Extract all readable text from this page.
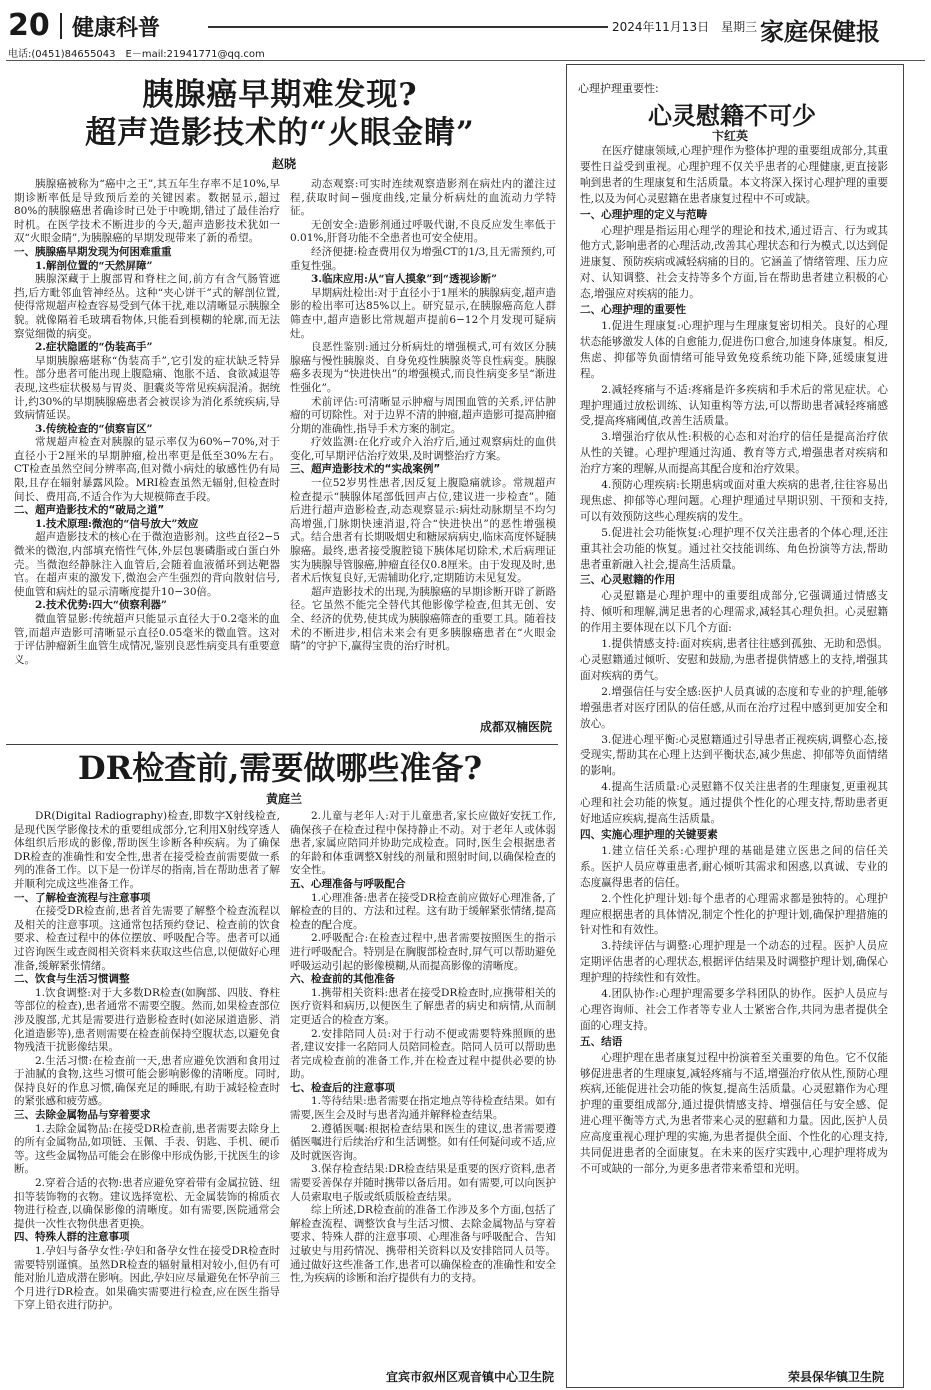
20 健康科普	2024年11月13日　星期三 家庭保健报
电话:(0451)84655043　E－mail:21941771@qq.com
胰腺癌早期难发现?
超声造影技术的“火眼金睛”
赵晓

胰腺癌被称为“癌中之王”,其五年生存率不足10%,早期诊断率低是导致预后差的关键因素。数据显示,超过80%的胰腺癌患者确诊时已处于中晚期,错过了最佳治疗时机。在医学技术不断进步的今天,超声造影技术犹如一双“火眼金睛”,为胰腺癌的早期发现带来了新的希望。

一、胰腺癌早期发现为何困难重重

1.解剖位置的“天然屏障”

胰腺深藏于上腹部胃和脊柱之间,前方有含气肠管遮挡,后方毗邻血管神经丛。这种“夹心饼干”式的解剖位置,使得常规超声检查容易受到气体干扰,难以清晰显示胰腺全貌。就像隔着毛玻璃看物体,只能看到模糊的轮廓,而无法察觉细微的病变。

2.症状隐匿的“伪装高手”

早期胰腺癌堪称“伪装高手”,它引发的症状缺乏特异性。部分患者可能出现上腹隐痛、饱胀不适、食欲减退等表现,这些症状极易与胃炎、胆囊炎等常见疾病混淆。据统计,约30%的早期胰腺癌患者会被误诊为消化系统疾病,导致病情延误。

3.传统检查的“侦察盲区”

常规超声检查对胰腺的显示率仅为60%−70%,对于直径小于2厘米的早期肿瘤,检出率更是低至30%左右。CT检查虽然空间分辨率高,但对微小病灶的敏感性仍有局限,且存在辐射暴露风险。MRI检查虽然无辐射,但检查时间长、费用高,不适合作为大规模筛查手段。

二、超声造影技术的“破局之道”

1.技术原理:微泡的“信号放大”效应

超声造影技术的核心在于微泡造影剂。这些直径2−5微米的微泡,内部填充惰性气体,外层包裹磷脂或白蛋白外壳。当微泡经静脉注入血管后,会随着血液循环到达靶器官。在超声束的激发下,微泡会产生强烈的背向散射信号,使血管和病灶的显示清晰度提升10−30倍。

2.技术优势:四大“侦察利器”

微血管显影:传统超声只能显示直径大于0.2毫米的血管,而超声造影可清晰显示直径0.05毫米的微血管。这对于评估肿瘤新生血管生成情况,鉴别良恶性病变具有重要意义。

动态观察:可实时连续观察造影剂在病灶内的灌注过程,获取时间−强度曲线,定量分析病灶的血流动力学特征。

无创安全:造影剂通过呼吸代谢,不良反应发生率低于0.01%,肝肾功能不全患者也可安全使用。

经济便捷:检查费用仅为增强CT的1/3,且无需预约,可重复性强。

3.临床应用:从“盲人摸象”到“透视诊断”

早期病灶检出:对于直径小于1厘米的胰腺病变,超声造影的检出率可达85%以上。研究显示,在胰腺癌高危人群筛查中,超声造影比常规超声提前6−12个月发现可疑病灶。

良恶性鉴别:通过分析病灶的增强模式,可有效区分胰腺癌与慢性胰腺炎、自身免疫性胰腺炎等良性病变。胰腺癌多表现为“快进快出”的增强模式,而良性病变多呈“渐进性强化”。

术前评估:可清晰显示肿瘤与周围血管的关系,评估肿瘤的可切除性。对于边界不清的肿瘤,超声造影可提高肿瘤分期的准确性,指导手术方案的制定。

疗效监测:在化疗或介入治疗后,通过观察病灶的血供变化,可早期评估治疗效果,及时调整治疗方案。

三、超声造影技术的“实战案例”

一位52岁男性患者,因反复上腹隐痛就诊。常规超声检查提示“胰腺体尾部低回声占位,建议进一步检查”。随后进行超声造影检查,动态观察显示:病灶动脉期呈不均匀高增强,门脉期快速消退,符合“快进快出”的恶性增强模式。结合患者有长期吸烟史和糖尿病病史,临床高度怀疑胰腺癌。最终,患者接受腹腔镜下胰体尾切除术,术后病理证实为胰腺导管腺癌,肿瘤直径仅0.8厘米。由于发现及时,患者术后恢复良好,无需辅助化疗,定期随访未见复发。

超声造影技术的出现,为胰腺癌的早期诊断开辟了新路径。它虽然不能完全替代其他影像学检查,但其无创、安全、经济的优势,使其成为胰腺癌筛查的重要工具。随着技术的不断进步,相信未来会有更多胰腺癌患者在“火眼金睛”的守护下,赢得宝贵的治疗时机。

成都双楠医院
DR检查前,需要做哪些准备?
黄庭兰

DR(Digital Radiography)检查,即数字X射线检查,是现代医学影像技术的重要组成部分,它利用X射线穿透人体组织后形成的影像,帮助医生诊断各种疾病。为了确保DR检查的准确性和安全性,患者在接受检查前需要做一系列的准备工作。以下是一份详尽的指南,旨在帮助患者了解并顺利完成这些准备工作。

一、了解检查流程与注意事项

在接受DR检查前,患者首先需要了解整个检查流程以及相关的注意事项。这通常包括预约登记、检查前的饮食要求、检查过程中的体位摆放、呼吸配合等。患者可以通过咨询医生或查阅相关资料来获取这些信息,以便做好心理准备,缓解紧张情绪。

二、饮食与生活习惯调整

1.饮食调整:对于大多数DR检查(如胸部、四肢、脊柱等部位的检查),患者通常不需要空腹。然而,如果检查部位涉及腹部,尤其是需要进行造影检查时(如泌尿道造影、消化道造影等),患者则需要在检查前保持空腹状态,以避免食物残渣干扰影像结果。

2.生活习惯:在检查前一天,患者应避免饮酒和食用过于油腻的食物,这些习惯可能会影响影像的清晰度。同时,保持良好的作息习惯,确保充足的睡眠,有助于减轻检查时的紧张感和疲劳感。

三、去除金属物品与穿着要求

1.去除金属物品:在接受DR检查前,患者需要去除身上的所有金属物品,如项链、玉佩、手表、钥匙、手机、硬币等。这些金属物品可能会在影像中形成伪影,干扰医生的诊断。

2.穿着合适的衣物:患者应避免穿着带有金属拉链、纽扣等装饰物的衣物。建议选择宽松、无金属装饰的棉质衣物进行检查,以确保影像的清晰度。如有需要,医院通常会提供一次性衣物供患者更换。

四、特殊人群的注意事项

1.孕妇与备孕女性:孕妇和备孕女性在接受DR检查时需要特别谨慎。虽然DR检查的辐射量相对较小,但仍有可能对胎儿造成潜在影响。因此,孕妇应尽量避免在怀孕前三个月进行DR检查。如果确实需要进行检查,应在医生指导下穿上铅衣进行防护。

2.儿童与老年人:对于儿童患者,家长应做好安抚工作,确保孩子在检查过程中保持静止不动。对于老年人或体弱患者,家属应陪同并协助完成检查。同时,医生会根据患者的年龄和体重调整X射线的剂量和照射时间,以确保检查的安全性。

五、心理准备与呼吸配合

1.心理准备:患者在接受DR检查前应做好心理准备,了解检查的目的、方法和过程。这有助于缓解紧张情绪,提高检查的配合度。

2.呼吸配合:在检查过程中,患者需要按照医生的指示进行呼吸配合。特别是在胸腹部检查时,屏气可以帮助避免呼吸运动引起的影像模糊,从而提高影像的清晰度。

六、检查前的其他准备

1.携带相关资料:患者在接受DR检查时,应携带相关的医疗资料和病历,以便医生了解患者的病史和病情,从而制定更适合的检查方案。

2.安排陪同人员:对于行动不便或需要特殊照顾的患者,建议安排一名陪同人员陪同检查。陪同人员可以帮助患者完成检查前的准备工作,并在检查过程中提供必要的协助。

七、检查后的注意事项

1.等待结果:患者需要在指定地点等待检查结果。如有需要,医生会及时与患者沟通并解释检查结果。

2.遵循医嘱:根据检查结果和医生的建议,患者需要遵循医嘱进行后续治疗和生活调整。如有任何疑问或不适,应及时就医咨询。

3.保存检查结果:DR检查结果是重要的医疗资料,患者需要妥善保存并随时携带以备后用。如有需要,可以向医护人员索取电子版或纸质版检查结果。

综上所述,DR检查前的准备工作涉及多个方面,包括了解检查流程、调整饮食与生活习惯、去除金属物品与穿着要求、特殊人群的注意事项、心理准备与呼吸配合、告知过敏史与用药情况、携带相关资料以及安排陪同人员等。通过做好这些准备工作,患者可以确保检查的准确性和安全性,为疾病的诊断和治疗提供有力的支持。

宜宾市叙州区观音镇中心卫生院
心理护理重要性:
心灵慰籍不可少
卞红英

在医疗健康领域,心理护理作为整体护理的重要组成部分,其重要性日益受到重视。心理护理不仅关乎患者的心理健康,更直接影响到患者的生理康复和生活质量。本文将深入探讨心理护理的重要性,以及为何心灵慰籍在患者康复过程中不可或缺。

一、心理护理的定义与范畴

心理护理是指运用心理学的理论和技术,通过语言、行为或其他方式,影响患者的心理活动,改善其心理状态和行为模式,以达到促进康复、预防疾病或减轻病痛的目的。它涵盖了情绪管理、压力应对、认知调整、社会支持等多个方面,旨在帮助患者建立积极的心态,增强应对疾病的能力。

二、心理护理的重要性

1.促进生理康复:心理护理与生理康复密切相关。良好的心理状态能够激发人体的自愈能力,促进伤口愈合,加速身体康复。相反,焦虑、抑郁等负面情绪可能导致免疫系统功能下降,延缓康复进程。

2.减轻疼痛与不适:疼痛是许多疾病和手术后的常见症状。心理护理通过放松训练、认知重构等方法,可以帮助患者减轻疼痛感受,提高疼痛阈值,改善生活质量。

3.增强治疗依从性:积极的心态和对治疗的信任是提高治疗依从性的关键。心理护理通过沟通、教育等方式,增强患者对疾病和治疗方案的理解,从而提高其配合度和治疗效果。

4.预防心理疾病:长期患病或面对重大疾病的患者,往往容易出现焦虑、抑郁等心理问题。心理护理通过早期识别、干预和支持,可以有效预防这些心理疾病的发生。

5.促进社会功能恢复:心理护理不仅关注患者的个体心理,还注重其社会功能的恢复。通过社交技能训练、角色扮演等方法,帮助患者重新融入社会,提高生活质量。

三、心灵慰籍的作用

心灵慰籍是心理护理中的重要组成部分,它强调通过情感支持、倾听和理解,满足患者的心理需求,减轻其心理负担。心灵慰籍的作用主要体现在以下几个方面:

1.提供情感支持:面对疾病,患者往往感到孤独、无助和恐惧。心灵慰籍通过倾听、安慰和鼓励,为患者提供情感上的支持,增强其面对疾病的勇气。

2.增强信任与安全感:医护人员真诚的态度和专业的护理,能够增强患者对医疗团队的信任感,从而在治疗过程中感到更加安全和放心。

3.促进心理平衡:心灵慰籍通过引导患者正视疾病,调整心态,接受现实,帮助其在心理上达到平衡状态,减少焦虑、抑郁等负面情绪的影响。

4.提高生活质量:心灵慰籍不仅关注患者的生理康复,更重视其心理和社会功能的恢复。通过提供个性化的心理支持,帮助患者更好地适应疾病,提高生活质量。

四、实施心理护理的关键要素

1.建立信任关系:心理护理的基础是建立医患之间的信任关系。医护人员应尊重患者,耐心倾听其需求和困惑,以真诚、专业的态度赢得患者的信任。

2.个性化护理计划:每个患者的心理需求都是独特的。心理护理应根据患者的具体情况,制定个性化的护理计划,确保护理措施的针对性和有效性。

3.持续评估与调整:心理护理是一个动态的过程。医护人员应定期评估患者的心理状态,根据评估结果及时调整护理计划,确保心理护理的持续性和有效性。

4.团队协作:心理护理需要多学科团队的协作。医护人员应与心理咨询师、社会工作者等专业人士紧密合作,共同为患者提供全面的心理支持。

五、结语

心理护理在患者康复过程中扮演着至关重要的角色。它不仅能够促进患者的生理康复,减轻疼痛与不适,增强治疗依从性,预防心理疾病,还能促进社会功能的恢复,提高生活质量。心灵慰籍作为心理护理的重要组成部分,通过提供情感支持、增强信任与安全感、促进心理平衡等方式,为患者带来心灵的慰藉和力量。因此,医护人员应高度重视心理护理的实施,为患者提供全面、个性化的心理支持,共同促进患者的全面康复。在未来的医疗实践中,心理护理将成为不可或缺的一部分,为更多患者带来希望和光明。

荣县保华镇卫生院
